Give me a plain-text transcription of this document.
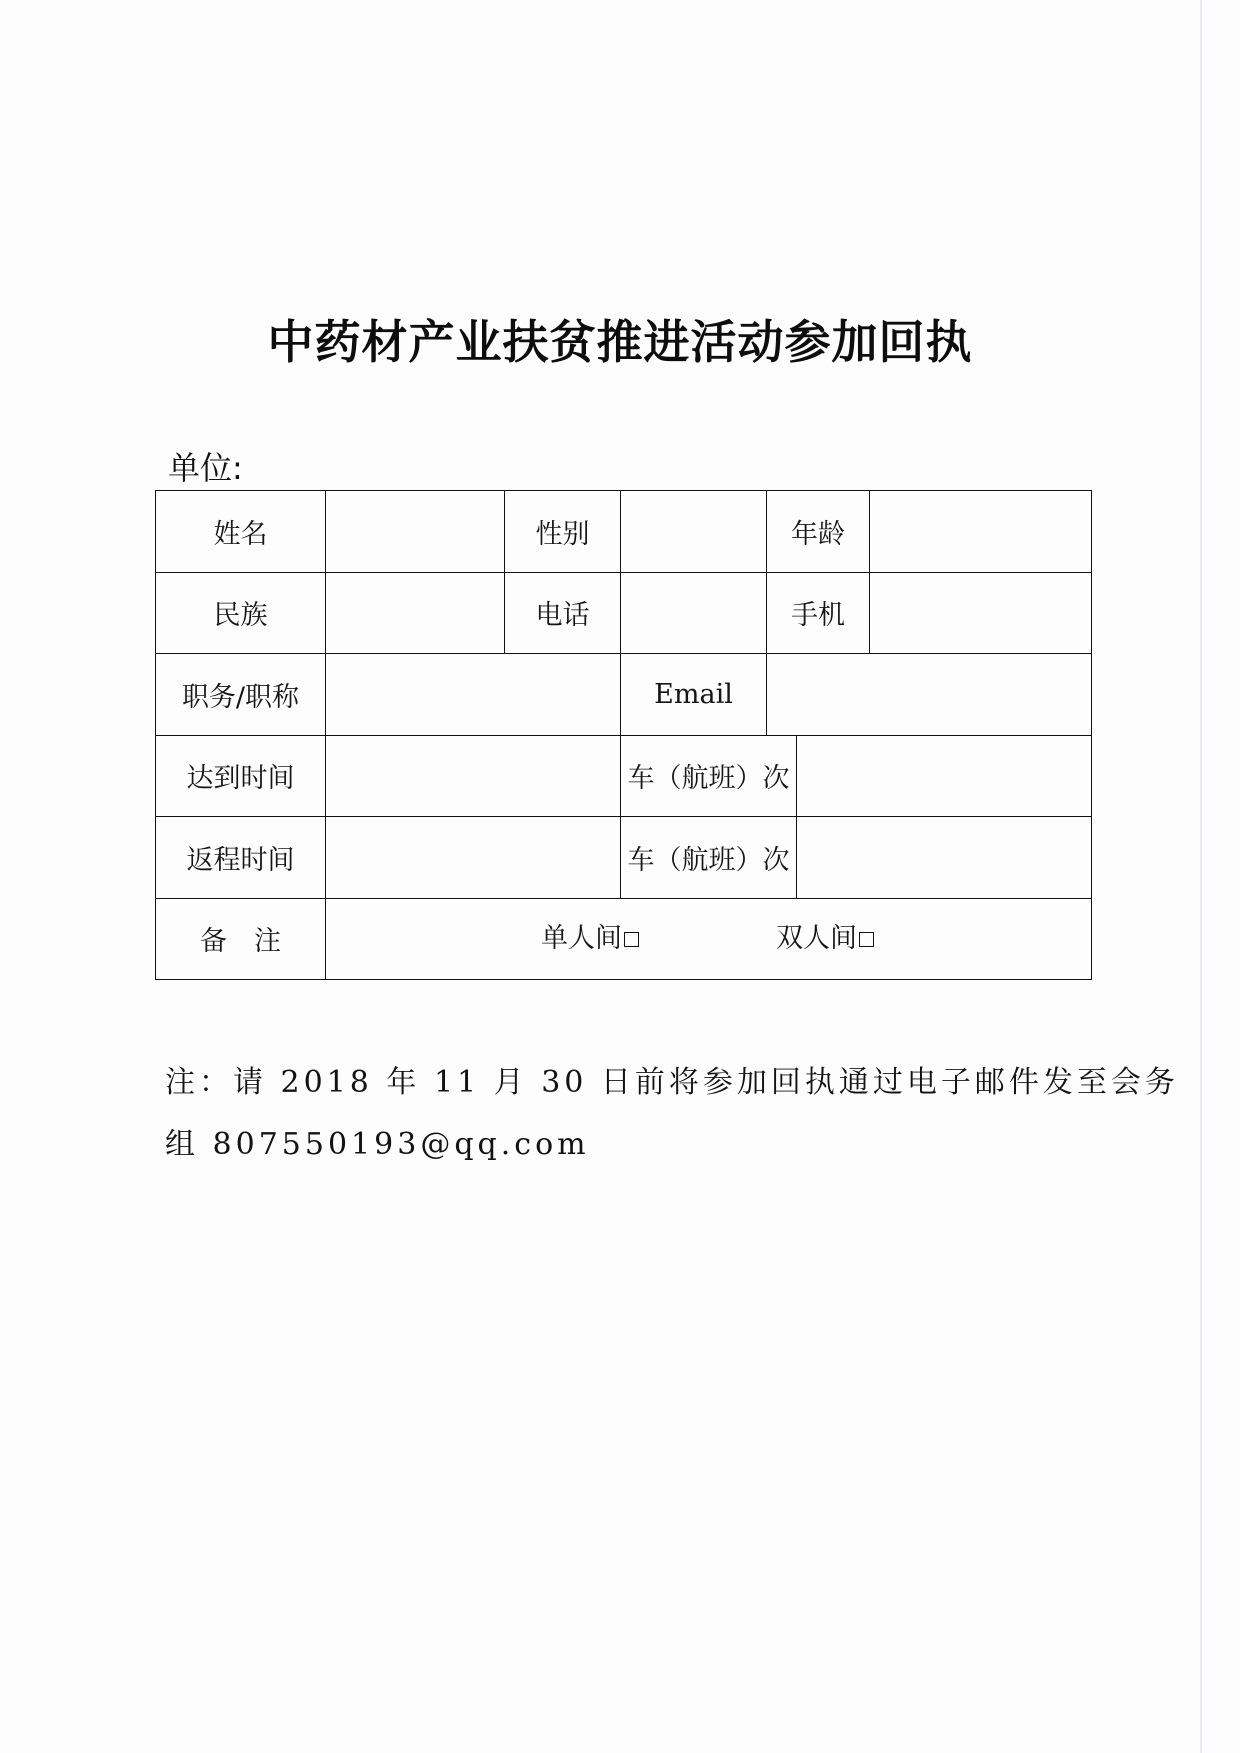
中药材产业扶贫推进活动参加回执
单位:
姓名		性别		年龄		
民族		电话		手机		
职务/职称			Email			
达到时间			车（航班）次			
返程时间			车（航班）次			
备　注	单人间 双人间					
注：请 2018 年 11 月 30 日前将参加回执通过电子邮件发至会务
组 807550193@qq.com
